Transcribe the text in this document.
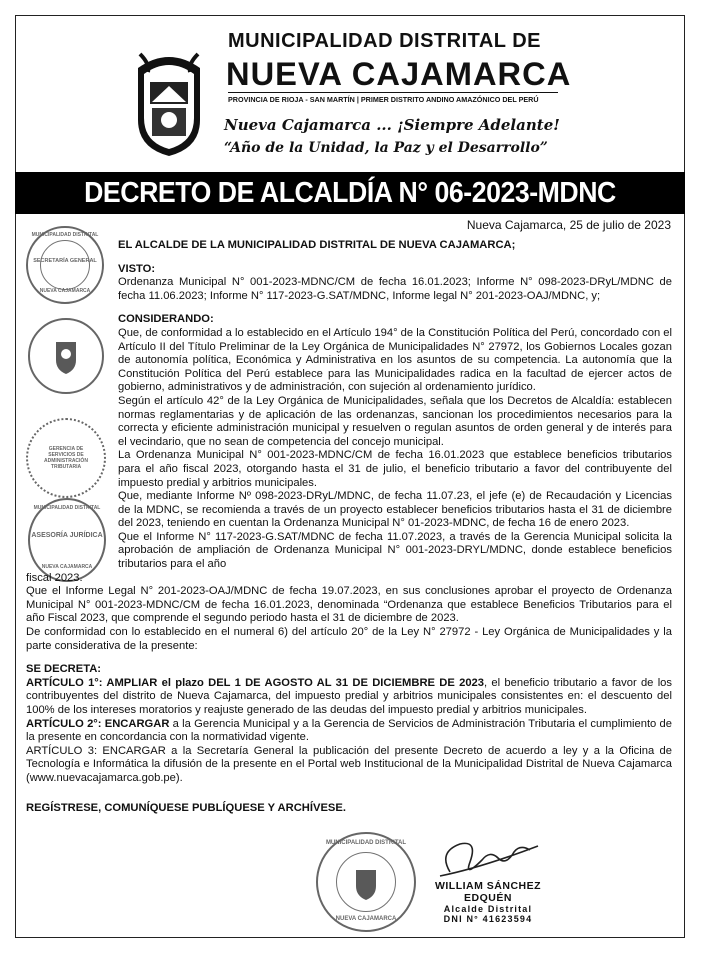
MUNICIPALIDAD DISTRITAL DE
NUEVA CAJAMARCA
PROVINCIA DE RIOJA - SAN MARTÍN | PRIMER DISTRITO ANDINO AMAZÓNICO DEL PERÚ
Nueva Cajamarca ... ¡Siempre Adelante!
“Año de la Unidad, la Paz y el Desarrollo”
DECRETO DE ALCALDÍA N° 06-2023-MDNC
Nueva Cajamarca, 25 de julio de 2023
MUNICIPALIDAD DISTRITAL
SECRETARÍA GENERAL
NUEVA CAJAMARCA
GERENCIA DE SERVICIOS DE ADMINISTRACIÓN TRIBUTARIA
MUNICIPALIDAD DISTRITAL
ASESORÍA JURÍDICA
NUEVA CAJAMARCA

EL ALCALDE DE LA MUNICIPALIDAD DISTRITAL DE NUEVA CAJAMARCA;

VISTO:

Ordenanza Municipal N° 001-2023-MDNC/CM de fecha 16.01.2023; Informe N° 098-2023-DRyL/MDNC de fecha 11.06.2023; Informe N° 117-2023-G.SAT/MDNC, Informe legal N° 201-2023-OAJ/MDNC, y;

CONSIDERANDO:

Que, de conformidad a lo establecido en el Artículo 194° de la Constitución Política del Perú, concordado con el Artículo II del Título Preliminar de la Ley Orgánica de Municipalidades N° 27972, los Gobiernos Locales gozan de autonomía política, Económica y Administrativa en los asuntos de su competencia. La autonomía que la Constitución Política del Perú establece para las Municipalidades radica en la facultad de ejercer actos de gobierno, administrativos y de administración, con sujeción al ordenamiento jurídico.

Según el artículo 42° de la Ley Orgánica de Municipalidades, señala que los Decretos de Alcaldía: establecen normas reglamentarias y de aplicación de las ordenanzas, sancionan los procedimientos necesarios para la correcta y eficiente administración municipal y resuelven o regulan asuntos de orden general y de interés para el vecindario, que no sean de competencia del concejo municipal.

La Ordenanza Municipal N° 001-2023-MDNC/CM de fecha 16.01.2023 que establece beneficios tributarios para el año fiscal 2023, otorgando hasta el 31 de julio, el beneficio tributario a favor del contribuyente del impuesto predial y arbitrios municipales.

Que, mediante Informe Nº 098-2023-DRyL/MDNC, de fecha 11.07.23, el jefe (e) de Recaudación y Licencias de la MDNC, se recomienda a través de un proyecto establecer beneficios tributarios hasta el 31 de diciembre del 2023, teniendo en cuentan la Ordenanza Municipal N° 01-2023-MDNC, de fecha 16 de enero 2023.

Que el Informe N° 117-2023-G.SAT/MDNC de fecha 11.07.2023, a través de la Gerencia Municipal solicita la aprobación de ampliación de Ordenanza Municipal N° 001-2023-DRYL/MDNC, donde establece beneficios tributarios para el año

fiscal 2023.

Que el Informe Legal N° 201-2023-OAJ/MDNC de fecha 19.07.2023, en sus conclusiones aprobar el proyecto de Ordenanza Municipal N° 001-2023-MDNC/CM de fecha 16.01.2023, denominada “Ordenanza que establece Beneficios Tributarios para el año Fiscal 2023, que comprende el segundo periodo hasta el 31 de diciembre de 2023.

De conformidad con lo establecido en el numeral 6) del artículo 20° de la Ley N° 27972 - Ley Orgánica de Municipalidades y la parte considerativa de la presente:

SE DECRETA:

ARTÍCULO 1°: AMPLIAR el plazo DEL 1 DE AGOSTO AL 31 DE DICIEMBRE DE 2023, el beneficio tributario a favor de los contribuyentes del distrito de Nueva Cajamarca, del impuesto predial y arbitrios municipales consistentes en: el descuento del 100% de los intereses moratorios y reajuste generado de las deudas del impuesto predial y arbitrios municipales.

ARTÍCULO 2°: ENCARGAR a la Gerencia Municipal y a la Gerencia de Servicios de Administración Tributaria el cumplimiento de la presente en concordancia con la normatividad vigente.

ARTÍCULO 3: ENCARGAR a la Secretaría General la publicación del presente Decreto de acuerdo a ley y a la Oficina de Tecnología e Informática la difusión de la presente en el Portal web Institucional de la Municipalidad Distrital de Nueva Cajamarca (www.nuevacajamarca.gob.pe).

REGÍSTRESE, COMUNÍQUESE PUBLÍQUESE Y ARCHÍVESE.

MUNICIPALIDAD DISTRITAL
NUEVA CAJAMARCA
WILLIAM SÁNCHEZ EDQUÉN
Alcalde Distrital
DNI N° 41623594
